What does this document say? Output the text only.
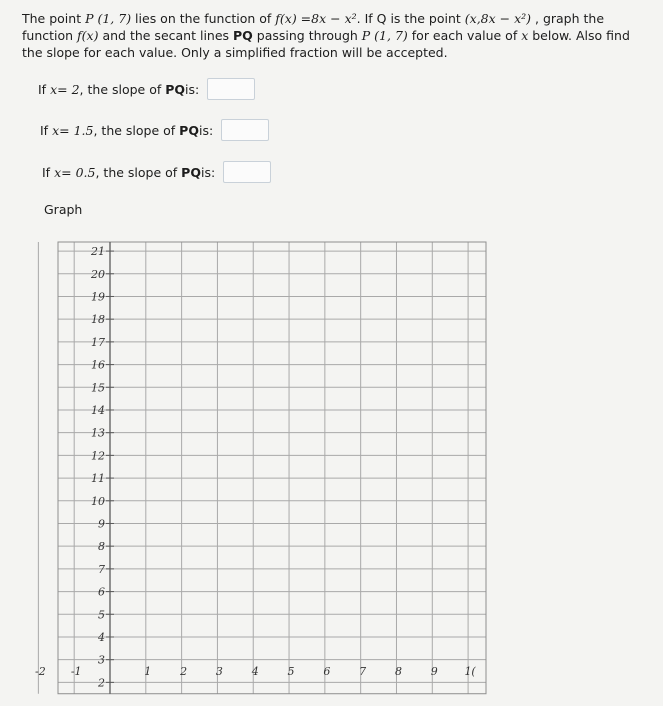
The point P (1, 7) lies on the function of f(x) =8x − x². If Q is the point (x,8x − x²) , graph the function f(x) and the secant lines PQ passing through P (1, 7) for each value of x below. Also find the slope for each value. Only a simplified fraction will be accepted.

If
x = 2 , the slope of
PQ is:
If
x = 1.5 , the slope of
PQ is:
If
x = 0.5 , the slope of
PQ is:
Graph
2
3
4
5
6
7
8
9
10
11
12
13
14
15
16
17
18
19
20
21
-2 -1	1	2	3	4	5	6	7	8	9 1(
